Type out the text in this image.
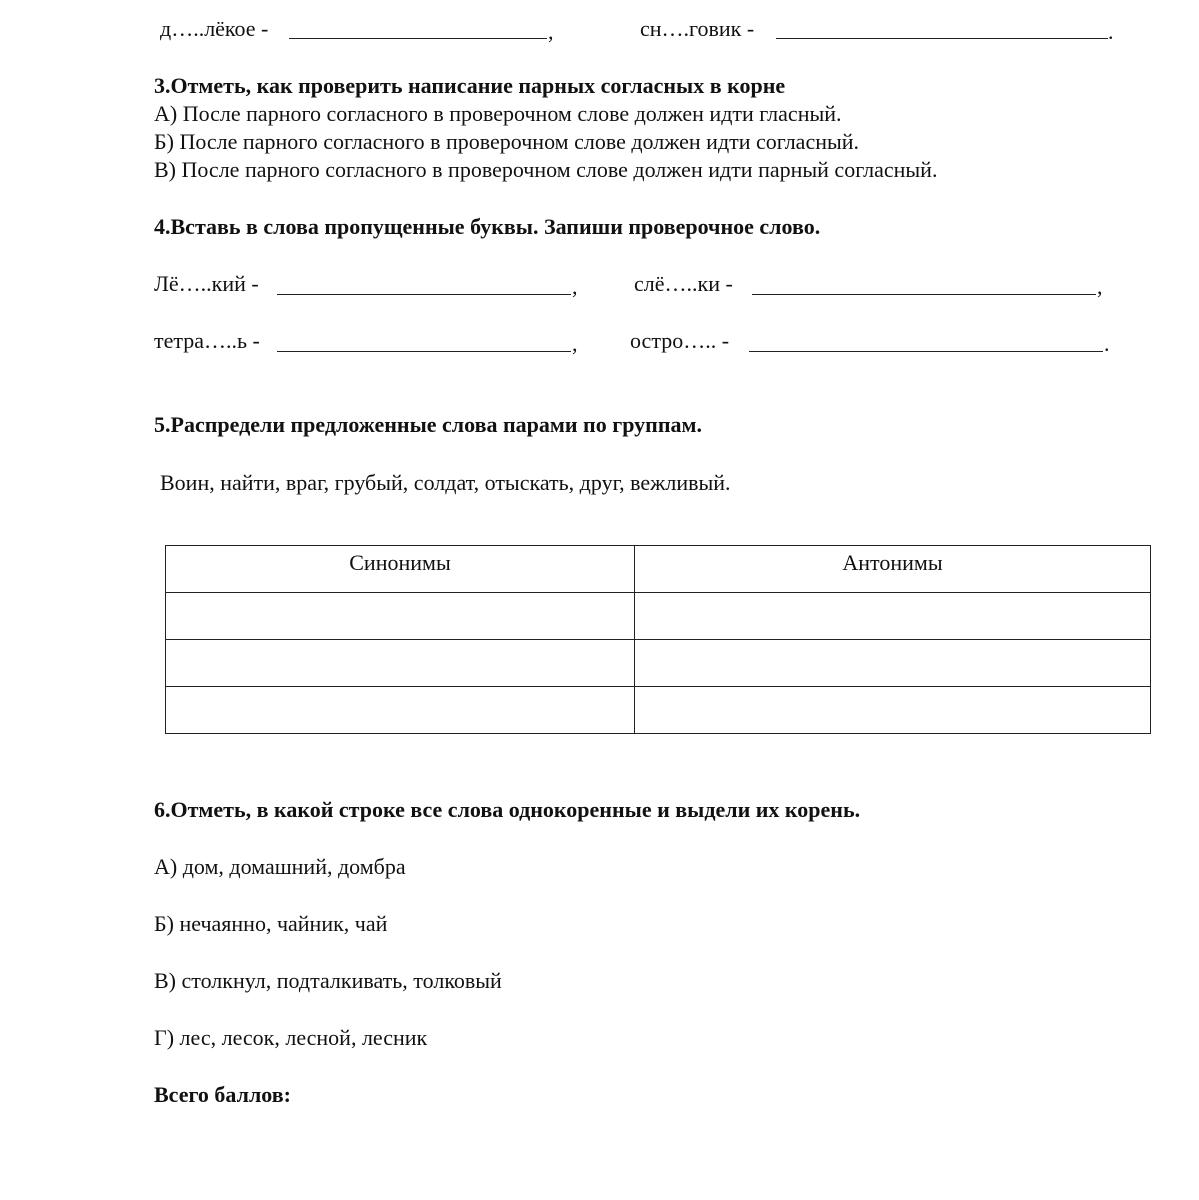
д…..лёкое -	,	сн….говик -	.
3.Отметь, как проверить написание парных согласных в корне
А) После парного согласного в проверочном слове должен идти гласный.
Б) После парного согласного в проверочном слове должен идти согласный.
В) После парного согласного в проверочном слове должен идти парный согласный.
4.Вставь в слова пропущенные буквы. Запиши проверочное слово.
Лё…..кий -	,	слё…..ки -	,
тетра…..ь -	, остро….. -	.
5.Распредели предложенные слова парами по группам.
Воин, найти, враг, грубый, солдат, отыскать, друг, вежливый.
Синонимы	Антонимы

6.Отметь, в какой строке все слова однокоренные и выдели их корень.
А) дом, домашний, домбра
Б) нечаянно, чайник, чай
В) столкнул, подталкивать, толковый
Г) лес, лесок, лесной, лесник
Всего баллов:
